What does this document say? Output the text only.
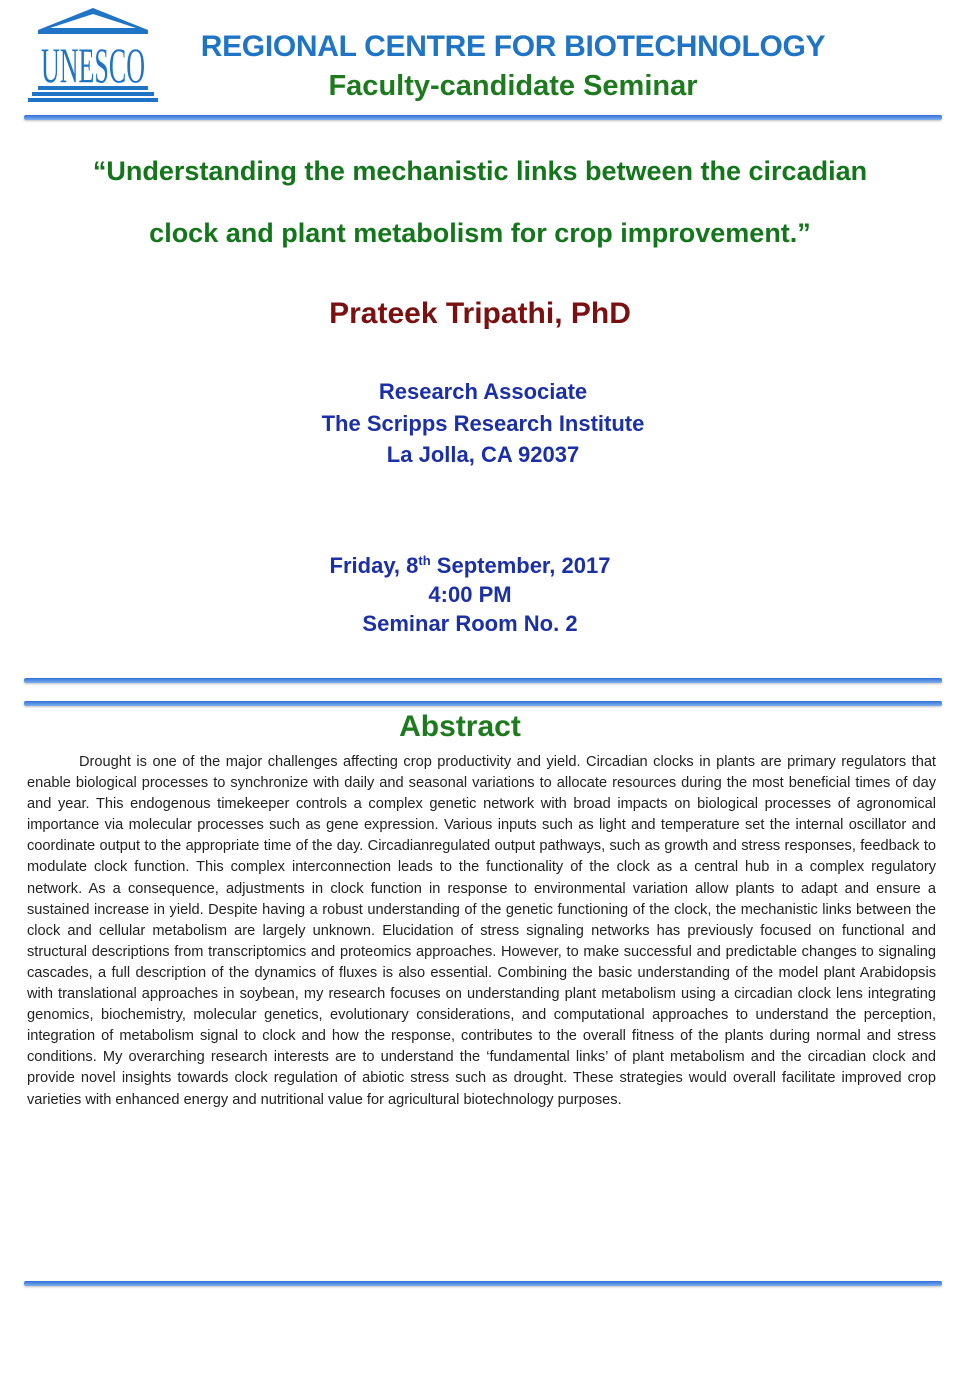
UNESCO	REGIONAL CENTRE FOR BIOTECHNOLOGY
Faculty-candidate Seminar
“Understanding the mechanistic links between the circadian
clock and plant metabolism for crop improvement.”
Prateek Tripathi, PhD
Research Associate
The Scripps Research Institute
La Jolla, CA 92037
Friday, 8th September, 2017
4:00 PM
Seminar Room No. 2
Abstract

Drought is one of the major challenges affecting crop productivity and yield. Circadian clocks in plants are primary regulators that enable biological processes to synchronize with daily and seasonal variations to allocate resources during the most beneficial times of day and year. This endogenous timekeeper controls a complex genetic network with broad impacts on biological processes of agronomical importance via molecular processes such as gene expression. Various inputs such as light and temperature set the internal oscillator and coordinate output to the appropriate time of the day. Circadianregulated output pathways, such as growth and stress responses, feedback to modulate clock function. This complex interconnection leads to the functionality of the clock as a central hub in a complex regulatory network. As a consequence, adjustments in clock function in response to environmental variation allow plants to adapt and ensure a sustained increase in yield. Despite having a robust understanding of the genetic functioning of the clock, the mechanistic links between the clock and cellular metabolism are largely unknown. Elucidation of stress signaling networks has previously focused on functional and structural descriptions from transcriptomics and proteomics approaches. However, to make successful and predictable changes to signaling cascades, a full description of the dynamics of fluxes is also essential. Combining the basic understanding of the model plant Arabidopsis with translational approaches in soybean, my research focuses on understanding plant metabolism using a circadian clock lens integrating genomics, biochemistry, molecular genetics, evolutionary considerations, and computational approaches to understand the perception, integration of metabolism signal to clock and how the response, contributes to the overall fitness of the plants during normal and stress conditions. My overarching research interests are to understand the ‘fundamental links’ of plant metabolism and the circadian clock and provide novel insights towards clock regulation of abiotic stress such as drought. These strategies would overall facilitate improved crop varieties with enhanced energy and nutritional value for agricultural biotechnology purposes.
